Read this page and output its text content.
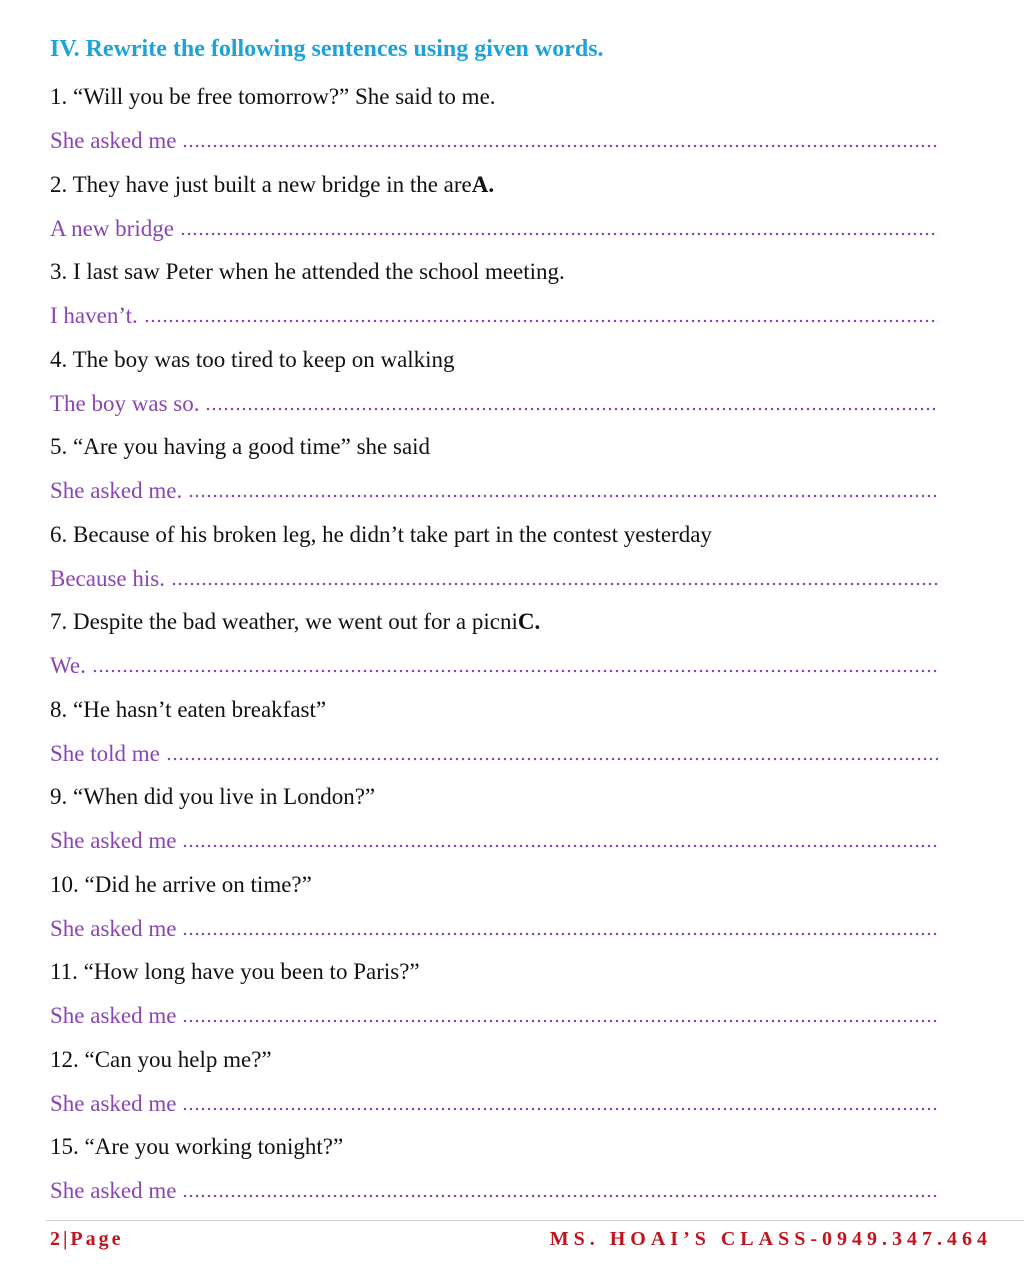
IV. Rewrite the following sentences using given words.
1. “Will you be free tomorrow?” She said to me.
She asked me
2. They have just built a new bridge in the areA.
A new bridge
3. I last saw Peter when he attended the school meeting.
I haven’t.
4. The boy was too tired to keep on walking
The boy was so.
5. “Are you having a good time” she said
She asked me.
6. Because of his broken leg, he didn’t take part in the contest yesterday
Because his.
7. Despite the bad weather, we went out for a picniC.
We.
8. “He hasn’t eaten breakfast”
She told me
9. “When did you live in London?”
She asked me
10. “Did he arrive on time?”
She asked me
11. “How long have you been to Paris?”
She asked me
12. “Can you help me?”
She asked me
15. “Are you working tonight?”
She asked me
2|Page	MS. HOAI’S CLASS-0949.347.464
